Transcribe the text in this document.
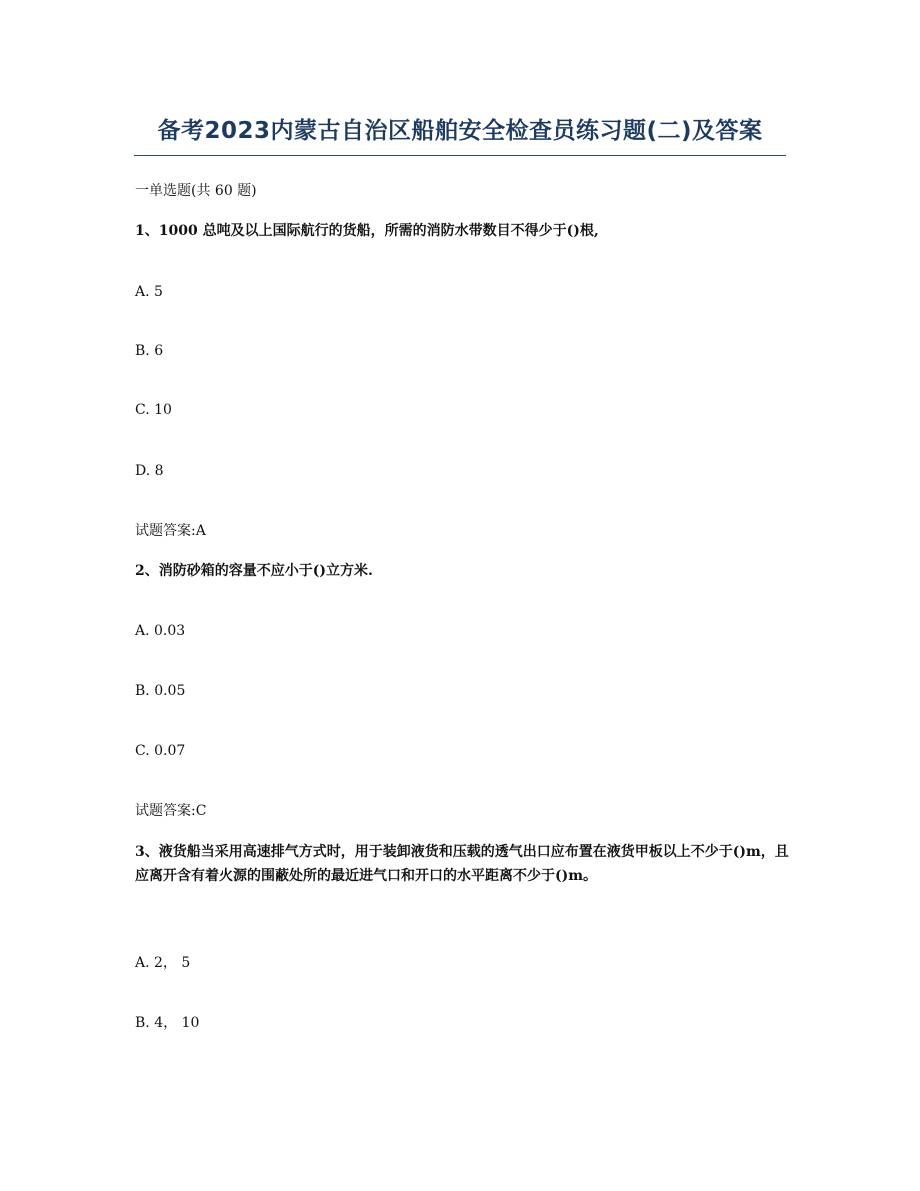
备考2023内蒙古自治区船舶安全检查员练习题(二)及答案
一单选题(共 60 题)
1、1000 总吨及以上国际航行的货船，所需的消防水带数目不得少于()根,
A. 5
B. 6
C. 10
D. 8
试题答案:A
2、消防砂箱的容量不应小于()立方米.
A. 0.03
B. 0.05
C. 0.07
试题答案:C
3、液货船当采用高速排气方式时，用于装卸液货和压载的透气出口应布置在液货甲板以上不少于()m，且应离开含有着火源的围蔽处所的最近进气口和开口的水平距离不少于()m。
A. 2， 5
B. 4， 10
